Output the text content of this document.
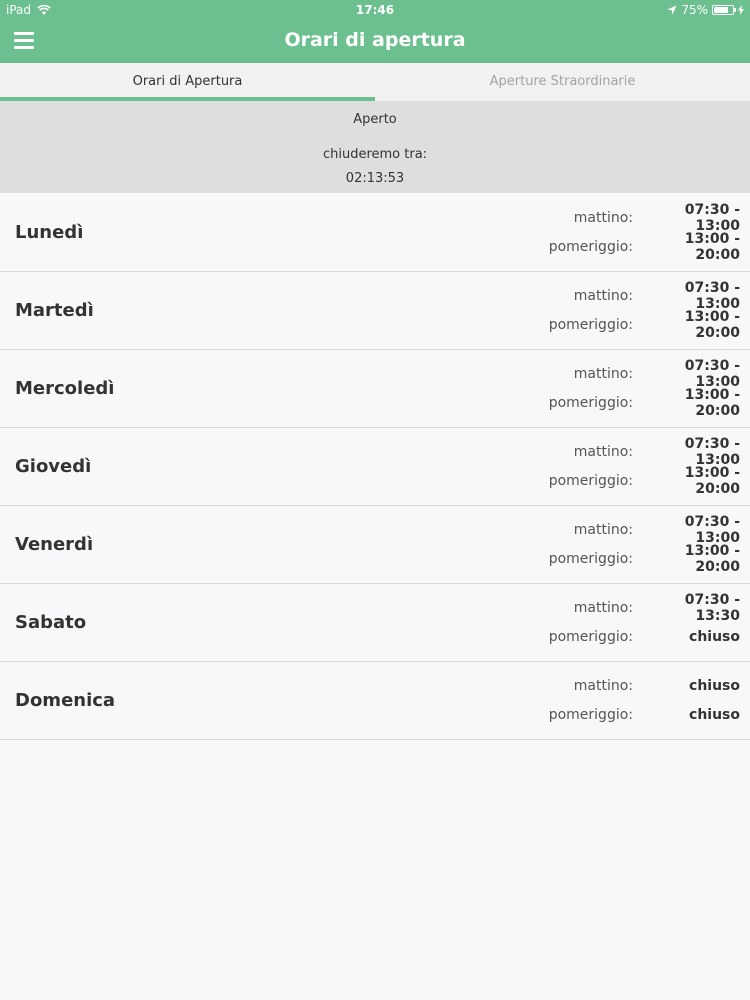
iPad	17:46	75%
Orari di apertura
Orari di Apertura	Aperture Straordinarie
Aperto
chiuderemo tra:
02:13:53
Lunedì
mattino:	07:30 - 13:00
pomeriggio:	13:00 - 20:00
Martedì
mattino:	07:30 - 13:00
pomeriggio:	13:00 - 20:00
Mercoledì
mattino:	07:30 - 13:00
pomeriggio:	13:00 - 20:00
Giovedì
mattino:	07:30 - 13:00
pomeriggio:	13:00 - 20:00
Venerdì
mattino:	07:30 - 13:00
pomeriggio:	13:00 - 20:00
Sabato
mattino:	07:30 - 13:30
pomeriggio:	chiuso
Domenica
mattino:	chiuso
pomeriggio:	chiuso
